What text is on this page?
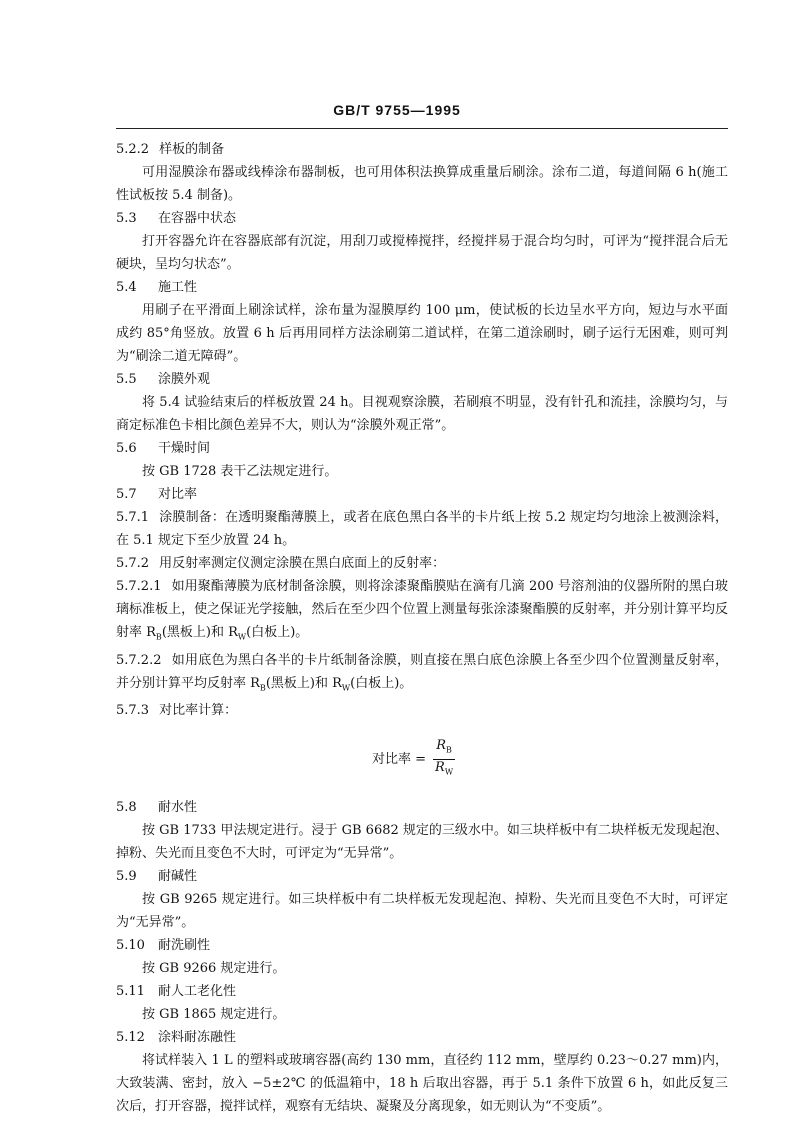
GB/T 9755—1995
5.2.2 样板的制备

可用湿膜涂布器或线棒涂布器制板，也可用体积法换算成重量后刷涂。涂布二道，每道间隔 6 h(施工性试板按 5.4 制备)。

5.3 在容器中状态

打开容器允许在容器底部有沉淀，用刮刀或搅棒搅拌，经搅拌易于混合均匀时，可评为“搅拌混合后无硬块，呈均匀状态”。

5.4 施工性

用刷子在平滑面上刷涂试样，涂布量为湿膜厚约 100 μm，使试板的长边呈水平方向，短边与水平面成约 85°角竖放。放置 6 h 后再用同样方法涂刷第二道试样，在第二道涂刷时，刷子运行无困难，则可判为“刷涂二道无障碍”。

5.5 涂膜外观

将 5.4 试验结束后的样板放置 24 h。目视观察涂膜，若刷痕不明显，没有针孔和流挂，涂膜均匀，与商定标准色卡相比颜色差异不大，则认为“涂膜外观正常”。

5.6 干燥时间

按 GB 1728 表干乙法规定进行。

5.7 对比率

5.7.1 涂膜制备：在透明聚酯薄膜上，或者在底色黑白各半的卡片纸上按 5.2 规定均匀地涂上被测涂料，在 5.1 规定下至少放置 24 h。

5.7.2 用反射率测定仪测定涂膜在黑白底面上的反射率：

5.7.2.1 如用聚酯薄膜为底材制备涂膜，则将涂漆聚酯膜贴在滴有几滴 200 号溶剂油的仪器所附的黑白玻璃标准板上，使之保证光学接触，然后在至少四个位置上测量每张涂漆聚酯膜的反射率，并分别计算平均反射率 $R_B$(黑板上)和 $R_W$(白板上)。

5.7.2.2 如用底色为黑白各半的卡片纸制备涂膜，则直接在黑白底色涂膜上各至少四个位置测量反射率，并分别计算平均反射率 $R_B$(黑板上)和 $R_W$(白板上)。

5.7.3 对比率计算：
对比率 = $\frac{R_B}{R_W}$
5.8 耐水性

按 GB 1733 甲法规定进行。浸于 GB 6682 规定的三级水中。如三块样板中有二块样板无发现起泡、掉粉、失光而且变色不大时，可评定为“无异常”。

5.9 耐碱性

按 GB 9265 规定进行。如三块样板中有二块样板无发现起泡、掉粉、失光而且变色不大时，可评定为“无异常”。

5.10 耐洗刷性

按 GB 9266 规定进行。

5.11 耐人工老化性

按 GB 1865 规定进行。

5.12 涂料耐冻融性

将试样装入 1 L 的塑料或玻璃容器(高约 130 mm，直径约 112 mm，壁厚约 0.23～0.27 mm)内，大致装满、密封，放入 −5±2℃ 的低温箱中，18 h 后取出容器，再于 5.1 条件下放置 6 h，如此反复三次后，打开容器，搅拌试样，观察有无结块、凝聚及分离现象，如无则认为“不变质”。
